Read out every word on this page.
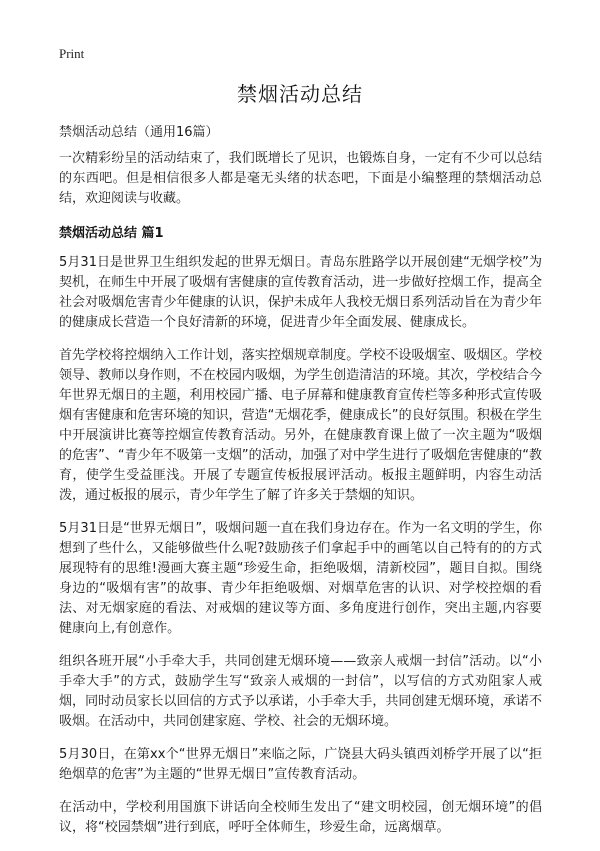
Print
禁烟活动总结
禁烟活动总结（通用16篇）

一次精彩纷呈的活动结束了，我们既增长了见识，也锻炼自身，一定有不少可以总结的东西吧。但是相信很多人都是毫无头绪的状态吧，下面是小编整理的禁烟活动总结，欢迎阅读与收藏。

禁烟活动总结 篇1

5月31日是世界卫生组织发起的世界无烟日。青岛东胜路学以开展创建“无烟学校”为契机，在师生中开展了吸烟有害健康的宣传教育活动，进一步做好控烟工作，提高全社会对吸烟危害青少年健康的认识，保护未成年人我校无烟日系列活动旨在为青少年的健康成长营造一个良好清新的环境，促进青少年全面发展、健康成长。

首先学校将控烟纳入工作计划，落实控烟规章制度。学校不设吸烟室、吸烟区。学校领导、教师以身作则，不在校园内吸烟，为学生创造清洁的环境。其次，学校结合今年世界无烟日的主题，利用校园广播、电子屏幕和健康教育宣传栏等多种形式宣传吸烟有害健康和危害环境的知识，营造“无烟花季，健康成长”的良好氛围。积极在学生中开展演讲比赛等控烟宣传教育活动。另外，在健康教育课上做了一次主题为“吸烟的危害”、“青少年不吸第一支烟”的活动，加强了对中学生进行了吸烟危害健康的“教育，使学生受益匪浅。开展了专题宣传板报展评活动。板报主题鲜明，内容生动活泼，通过板报的展示，青少年学生了解了许多关于禁烟的知识。

5月31日是“世界无烟日”，吸烟问题一直在我们身边存在。作为一名文明的学生，你想到了些什么，又能够做些什么呢?鼓励孩子们拿起手中的画笔以自己特有的的方式展现特有的思维!漫画大赛主题“珍爱生命，拒绝吸烟，清新校园”，题目自拟。围绕身边的“吸烟有害”的故事、青少年拒绝吸烟、对烟草危害的认识、对学校控烟的看法、对无烟家庭的看法、对戒烟的建议等方面、多角度进行创作，突出主题,内容要健康向上,有创意作。

组织各班开展“小手牵大手，共同创建无烟环境——致亲人戒烟一封信”活动。以“小手牵大手”的方式，鼓励学生写“致亲人戒烟的一封信”，以写信的方式劝阻家人戒烟，同时动员家长以回信的方式予以承诺，小手牵大手，共同创建无烟环境，承诺不吸烟。在活动中，共同创建家庭、学校、社会的无烟环境。

5月30日，在第xx个“世界无烟日”来临之际，广饶县大码头镇西刘桥学开展了以“拒绝烟草的危害”为主题的“世界无烟日”宣传教育活动。

在活动中，学校利用国旗下讲话向全校师生发出了“建文明校园，创无烟环境”的倡议，将“校园禁烟”进行到底，呼吁全体师生，珍爱生命，远离烟草。
